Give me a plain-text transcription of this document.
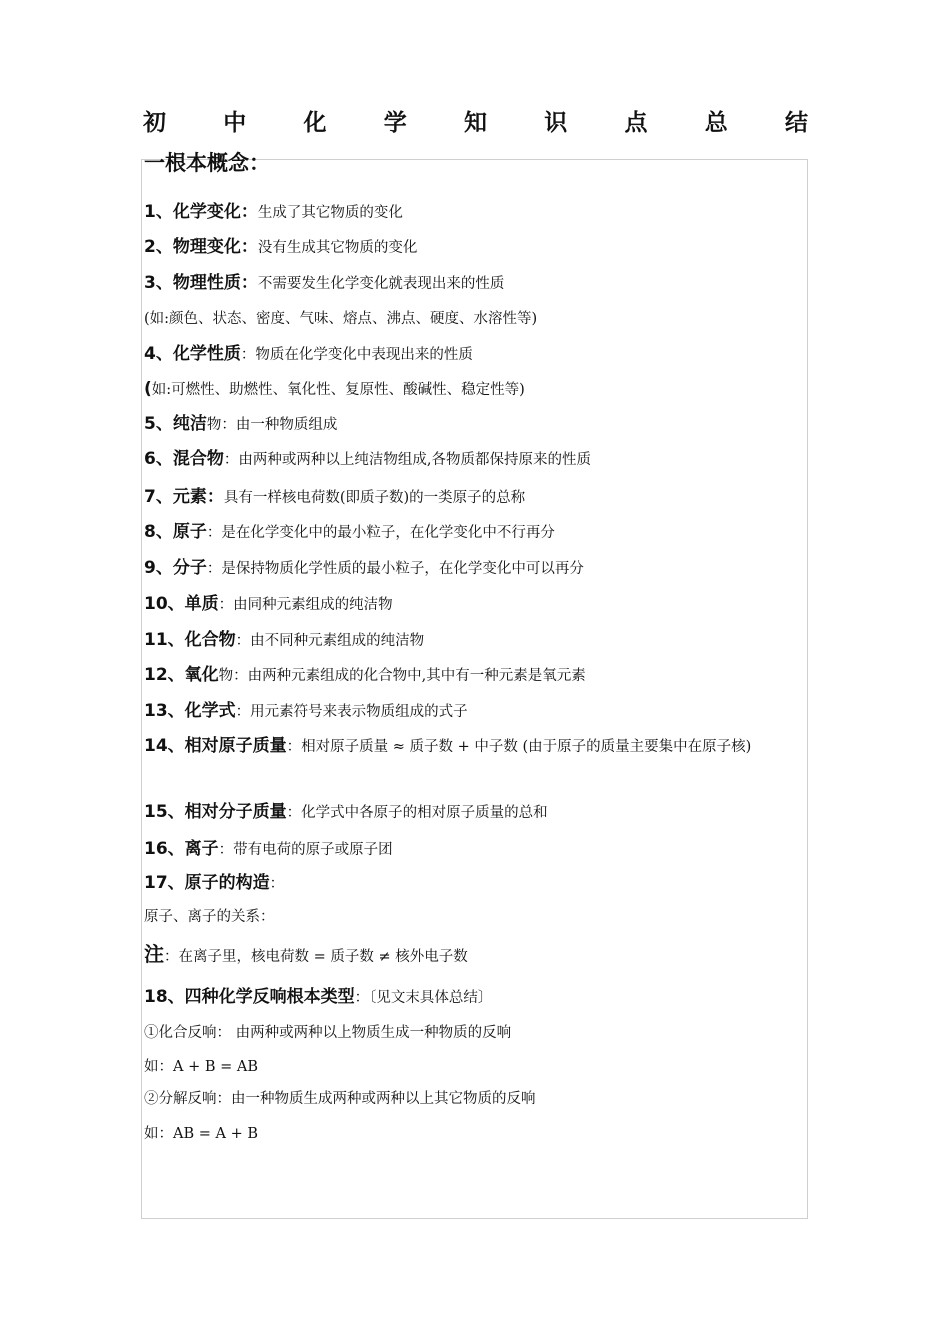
初 中 化 学 知 识 点 总 结
一根本概念：
1、化学变化：生成了其它物质的变化
2、物理变化：没有生成其它物质的变化
3、物理性质：不需要发生化学变化就表现出来的性质
(如:颜色、状态、密度、气味、熔点、沸点、硬度、水溶性等)
4、化学性质：物质在化学变化中表现出来的性质
(如:可燃性、助燃性、氧化性、复原性、酸碱性、稳定性等)
5、纯洁物：由一种物质组成
6、混合物：由两种或两种以上纯洁物组成,各物质都保持原来的性质
7、元素：具有一样核电荷数(即质子数)的一类原子的总称
8、原子：是在化学变化中的最小粒子，在化学变化中不行再分
9、分子：是保持物质化学性质的最小粒子，在化学变化中可以再分
10、单质：由同种元素组成的纯洁物
11、化合物：由不同种元素组成的纯洁物
12、氧化物：由两种元素组成的化合物中,其中有一种元素是氧元素
13、化学式：用元素符号来表示物质组成的式子
14、相对原子质量：相对原子质量 ≈ 质子数 + 中子数 (由于原子的质量主要集中在原子核)
15、相对分子质量：化学式中各原子的相对原子质量的总和
16、离子：带有电荷的原子或原子团
17、原子的构造：
原子、离子的关系：
注：在离子里，核电荷数 = 质子数 ≠ 核外电子数
18、四种化学反响根本类型：〔见文末具体总结〕
①化合反响： 由两种或两种以上物质生成一种物质的反响
如：A + B = AB
②分解反响：由一种物质生成两种或两种以上其它物质的反响
如：AB = A + B
